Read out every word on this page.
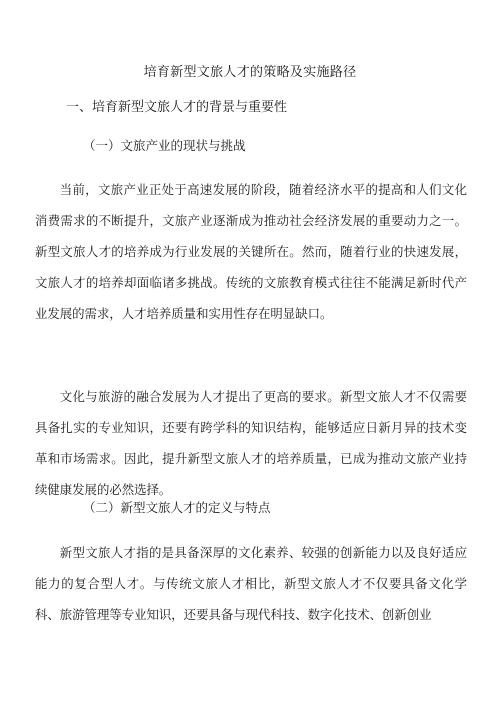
培育新型文旅人才的策略及实施路径
一、培育新型文旅人才的背景与重要性
（一）文旅产业的现状与挑战
当前，文旅产业正处于高速发展的阶段，随着经济水平的提高和人们文化消费需求的不断提升，文旅产业逐渐成为推动社会经济发展的重要动力之一。新型文旅人才的培养成为行业发展的关键所在。然而，随着行业的快速发展，文旅人才的培养却面临诸多挑战。传统的文旅教育模式往往不能满足新时代产业发展的需求，人才培养质量和实用性存在明显缺口。
文化与旅游的融合发展为人才提出了更高的要求。新型文旅人才不仅需要具备扎实的专业知识，还要有跨学科的知识结构，能够适应日新月异的技术变革和市场需求。因此，提升新型文旅人才的培养质量，已成为推动文旅产业持续健康发展的必然选择。
（二）新型文旅人才的定义与特点
新型文旅人才指的是具备深厚的文化素养、较强的创新能力以及良好适应能力的复合型人才。与传统文旅人才相比，新型文旅人才不仅要具备文化学科、旅游管理等专业知识，还要具备与现代科技、数字化技术、创新创业
